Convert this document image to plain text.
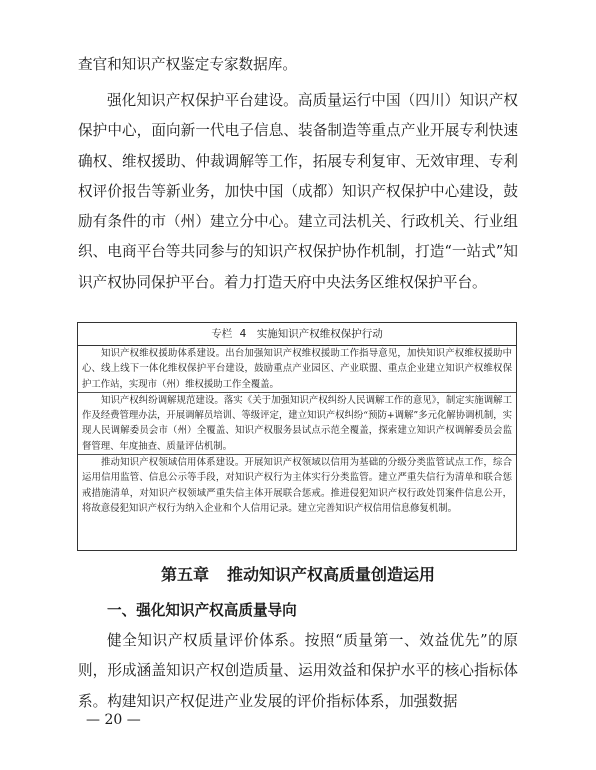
查官和知识产权鉴定专家数据库。

强化知识产权保护平台建设。高质量运行中国（四川）知识产权保护中心，面向新一代电子信息、装备制造等重点产业开展专利快速确权、维权援助、仲裁调解等工作，拓展专利复审、无效审理、专利权评价报告等新业务，加快中国（成都）知识产权保护中心建设，鼓励有条件的市（州）建立分中心。建立司法机关、行政机关、行业组织、电商平台等共同参与的知识产权保护协作机制，打造“一站式”知识产权协同保护平台。着力打造天府中央法务区维权保护平台。

专栏 4　实施知识产权维权保护行动

知识产权维权援助体系建设。出台加强知识产权维权援助工作指导意见，加快知识产权维权援助中心、线上线下一体化维权保护平台建设，鼓励重点产业园区、产业联盟、重点企业建立知识产权维权保护工作站，实现市（州）维权援助工作全覆盖。

知识产权纠纷调解规范建设。落实《关于加强知识产权纠纷人民调解工作的意见》，制定实施调解工作及经费管理办法，开展调解员培训、等级评定，建立知识产权纠纷“预防+调解”多元化解协调机制，实现人民调解委员会市（州）全覆盖、知识产权服务县试点示范全覆盖，探索建立知识产权调解委员会监督管理、年度抽查、质量评估机制。

推动知识产权领域信用体系建设。开展知识产权领域以信用为基础的分级分类监管试点工作，综合运用信用监管、信息公示等手段，对知识产权行为主体实行分类监管。建立严重失信行为清单和联合惩戒措施清单，对知识产权领域严重失信主体开展联合惩戒。推进侵犯知识产权行政处罚案件信息公开，将故意侵犯知识产权行为纳入企业和个人信用记录。建立完善知识产权信用信息修复机制。

第五章 推动知识产权高质量创造运用
一、强化知识产权高质量导向

健全知识产权质量评价体系。按照“质量第一、效益优先”的原则，形成涵盖知识产权创造质量、运用效益和保护水平的核心指标体系。构建知识产权促进产业发展的评价指标体系，加强数据

— 20 —
